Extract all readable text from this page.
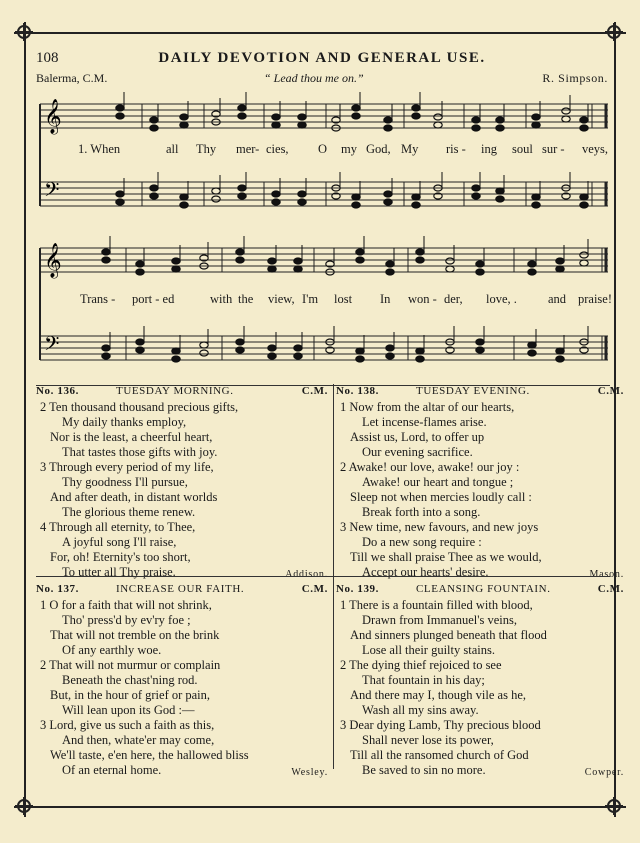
108	DAILY DEVOTION AND GENERAL USE.
Balerma, C.M.	“ Lead thou me on.”	R. Simpson.
𝄞
𝄢
1. When	all Thy mer- cies, O my God, My ris - ing soul sur - veys,
𝄞
𝄢
Trans - port - ed	with the view, I'm lost In won - der, love, . and praise!
No. 136.	TUESDAY MORNING.	C.M.
2 Ten thousand thousand precious gifts,
My daily thanks employ,
Nor is the least, a cheerful heart,
That tastes those gifts with joy.
3 Through every period of my life,
Thy goodness I'll pursue,
And after death, in distant worlds
The glorious theme renew.
4 Through all eternity, to Thee,
A joyful song I'll raise,
For, oh! Eternity's too short,
To utter all Thy praise.	Addison.
No. 138.	TUESDAY EVENING.	C.M.
1 Now from the altar of our hearts,
Let incense-flames arise.
Assist us, Lord, to offer up
Our evening sacrifice.
2 Awake! our love, awake! our joy :
Awake! our heart and tongue ;
Sleep not when mercies loudly call :
Break forth into a song.
3 New time, new favours, and new joys
Do a new song require :
Till we shall praise Thee as we would,
Accept our hearts' desire.	Mason.
No. 137.	INCREASE OUR FAITH.	C.M.
1 O for a faith that will not shrink,
Tho' press'd by ev'ry foe ;
That will not tremble on the brink
Of any earthly woe.
2 That will not murmur or complain
Beneath the chast'ning rod.
But, in the hour of grief or pain,
Will lean upon its God :—
3 Lord, give us such a faith as this,
And then, whate'er may come,
We'll taste, e'en here, the hallowed bliss
Of an eternal home.	Wesley.
No. 139.	CLEANSING FOUNTAIN.	C.M.
1 There is a fountain filled with blood,
Drawn from Immanuel's veins,
And sinners plunged beneath that flood
Lose all their guilty stains.
2 The dying thief rejoiced to see
That fountain in his day;
And there may I, though vile as he,
Wash all my sins away.
3 Dear dying Lamb, Thy precious blood
Shall never lose its power,
Till all the ransomed church of God
Be saved to sin no more.	Cowper.
